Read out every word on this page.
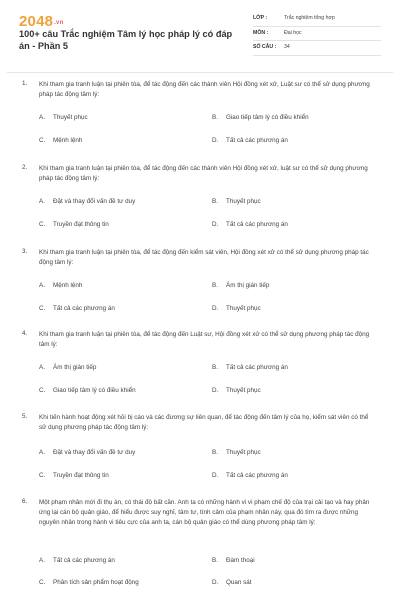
2048.vn
100+ câu Trắc nghiệm Tâm lý học pháp lý có đáp án - Phần 5
LỚP :	Trắc nghiệm tổng hợp
MÔN :	Đại học
SỐ CÂU : 34
1. Khi tham gia tranh luận tại phiên tòa, để tác động đến các thành viên Hội đồng xét xử, Luật sư có thể sử dụng phương pháp tác động tâm lý:
A. Thuyết phục	B. Giao tiếp tâm lý có điều khiển
C. Mệnh lệnh	D. Tất cả các phương án
2. Khi tham gia tranh luận tại phiên tòa, để tác động đến các thành viên Hội đồng xét xử, luật sư có thể sử dụng phương pháp tác động tâm lý:
A. Đặt và thay đổi vấn đề tư duy	B. Thuyết phục
C. Truyền đạt thông tin	D. Tất cả các phương án
3. Khi tham gia tranh luận tại phiên tòa, để tác động đến kiểm sát viên, Hội đồng xét xử có thể sử dụng phương pháp tác động tâm lý:
A. Mệnh lệnh	B. Ám thị gián tiếp
C. Tất cả các phương án	D. Thuyết phục
4. Khi tham gia tranh luận tại phiên tòa, để tác động đến Luật sư, Hội đồng xét xử có thể sử dụng phương pháp tác động tâm lý:
A. Ám thị gián tiếp	B. Tất cả các phương án
C. Giao tiếp tâm lý có điều khiển	D. Thuyết phục
5. Khi tiến hành hoạt động xét hỏi bị cáo và các đương sự liên quan, để tác động đến tâm lý của họ, kiểm sát viên có thể sử dụng phương pháp tác động tâm lý:
A. Đặt và thay đổi vấn đề tư duy	B. Thuyết phục
C. Truyền đạt thông tin	D. Tất cả các phương án
6. Một phạm nhân mới đi thụ án, có thái độ bất cần. Anh ta có những hành vi vi phạm chế độ của trại cải tạo và hay phản ứng lại cán bộ quản giáo, để hiểu được suy nghĩ, tâm tư, tình cảm của phạm nhân này, qua đó tìm ra được những nguyên nhân trong hành vi tiêu cực của anh ta, cán bộ quản giáo có thể dùng phương pháp tâm lý:
A. Tất cả các phương án	B. Đàm thoại
C. Phân tích sản phẩm hoạt động	D. Quan sát
